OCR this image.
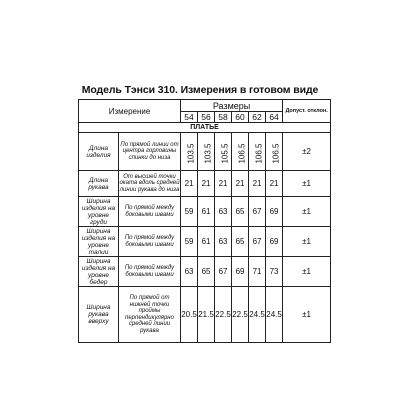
Модель Тэнси 310. Измерения в готовом виде
Измерение		Размеры						Допуст. отклон.
		54	56	58	60	62	64	
ПЛАТЬЕ								
Длина изделия	По прямой линии от центра горловины спинки до низа	103.5	103.5	105.5	106.5	106.5	106.5	±2
Длина рукава	От высшей точки оката вдоль средней линии рукава до низа	21	21	21	21	21	21	±1
Ширина изделия на уровне груди	По прямой между боковыми швами	59	61	63	65	67	69	±1
Ширина изделия на уровне талии	По прямой между боковыми швами	59	61	63	65	67	69	±1
Ширина изделия на уровне бедер	По прямой между боковыми швами	63	65	67	69	71	73	±1
Ширина рукава вверху	По прямой от нижней точки проймы перпендикулярно средней линии рукава	20.5	21.5	22.5	22.5	24.5	24.5	±1
